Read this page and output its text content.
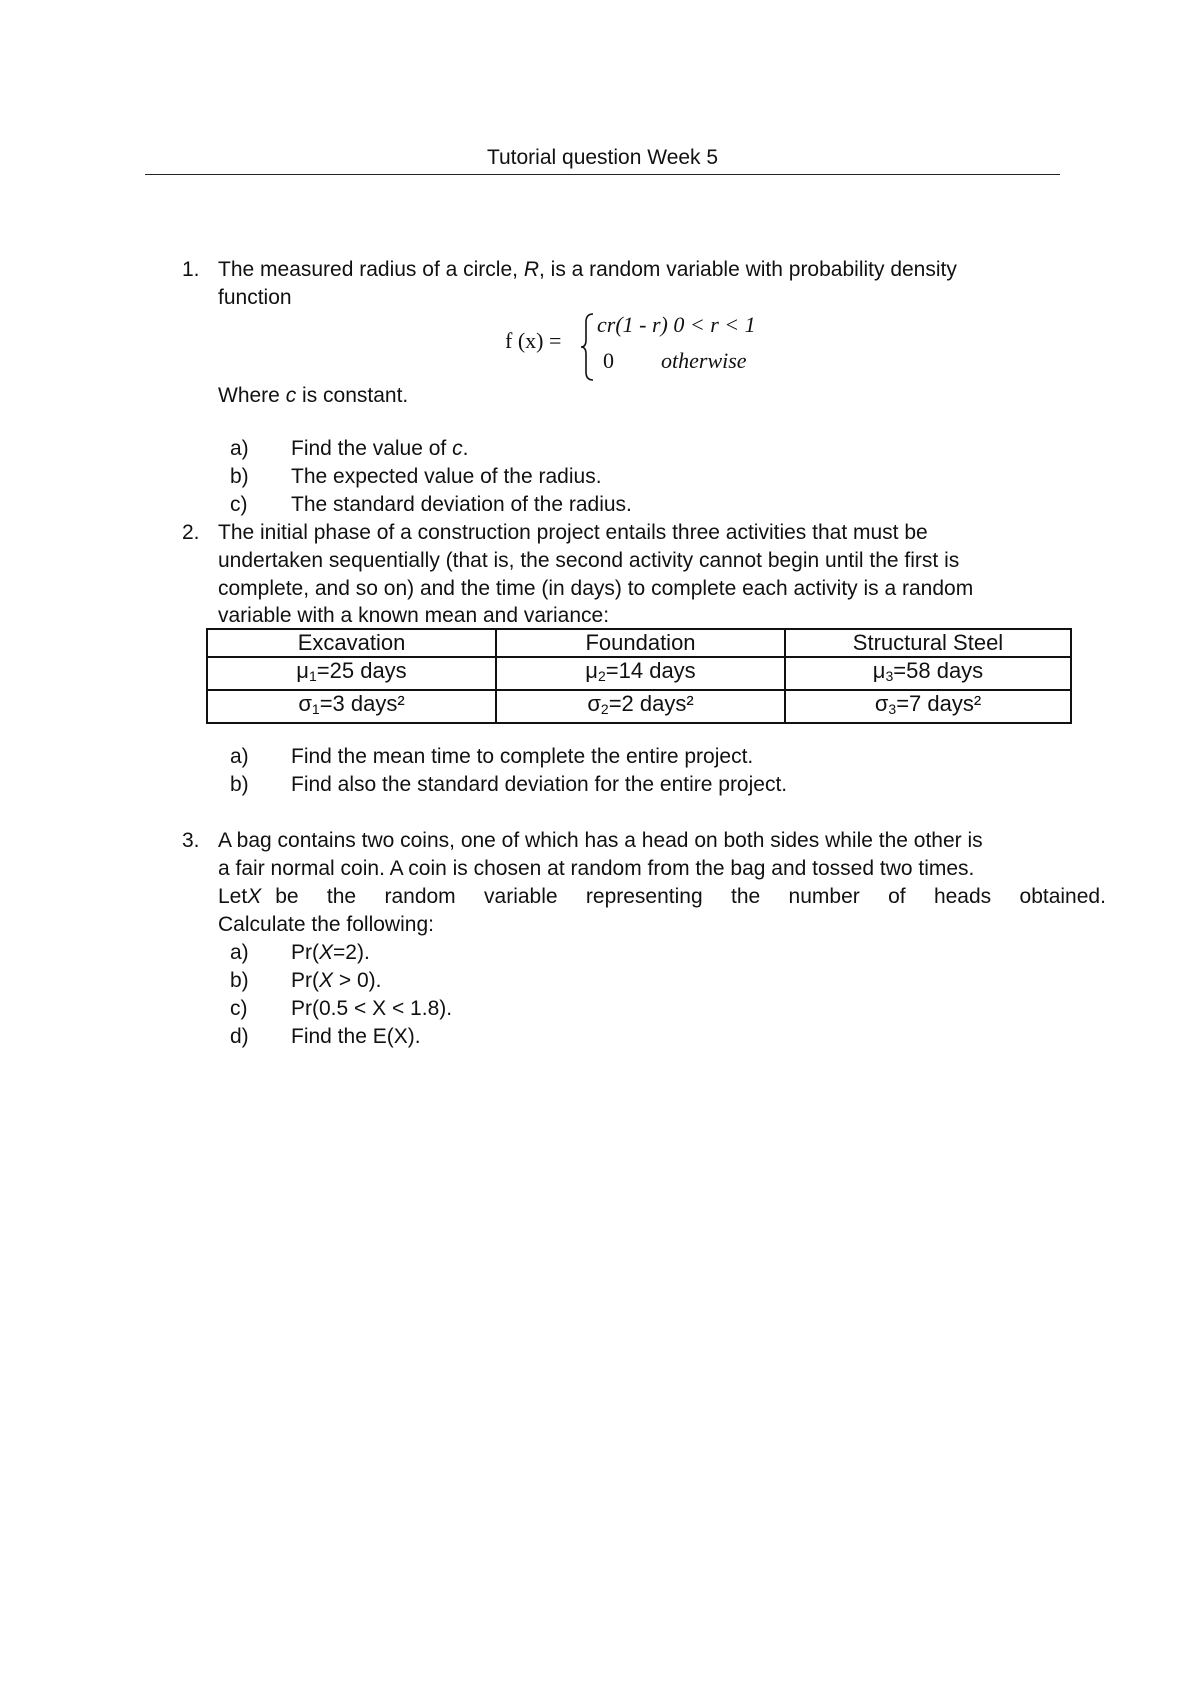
Tutorial question Week 5
1. The measured radius of a circle, R, is a random variable with probability density
function
f (x) =
cr(1 - r) 0 < r < 1
0 otherwise
Where c is constant.
a) Find the value of c.
b) The expected value of the radius.
c) The standard deviation of the radius.
2. The initial phase of a construction project entails three activities that must be
undertaken sequentially (that is, the second activity cannot begin until the first is
complete, and so on) and the time (in days) to complete each activity is a random
variable with a known mean and variance:
Excavation	Foundation	Structural Steel
$\mu_1=25$ days	$\mu_2=14$ days	$\mu_3=58$ days
$\sigma_1=3$ days²	$\sigma_2=2$ days²	$\sigma_3=7$ days²
a) Find the mean time to complete the entire project.
b) Find also the standard deviation for the entire project.
3. A bag contains two coins, one of which has a head on both sides while the other is
a fair normal coin. A coin is chosen at random from the bag and tossed two times.
Let X be the random variable representing the number of heads obtained.
Calculate the following:
a) Pr(X=2).
b) Pr(X > 0).
c) Pr(0.5 < X < 1.8).
d) Find the E(X).
